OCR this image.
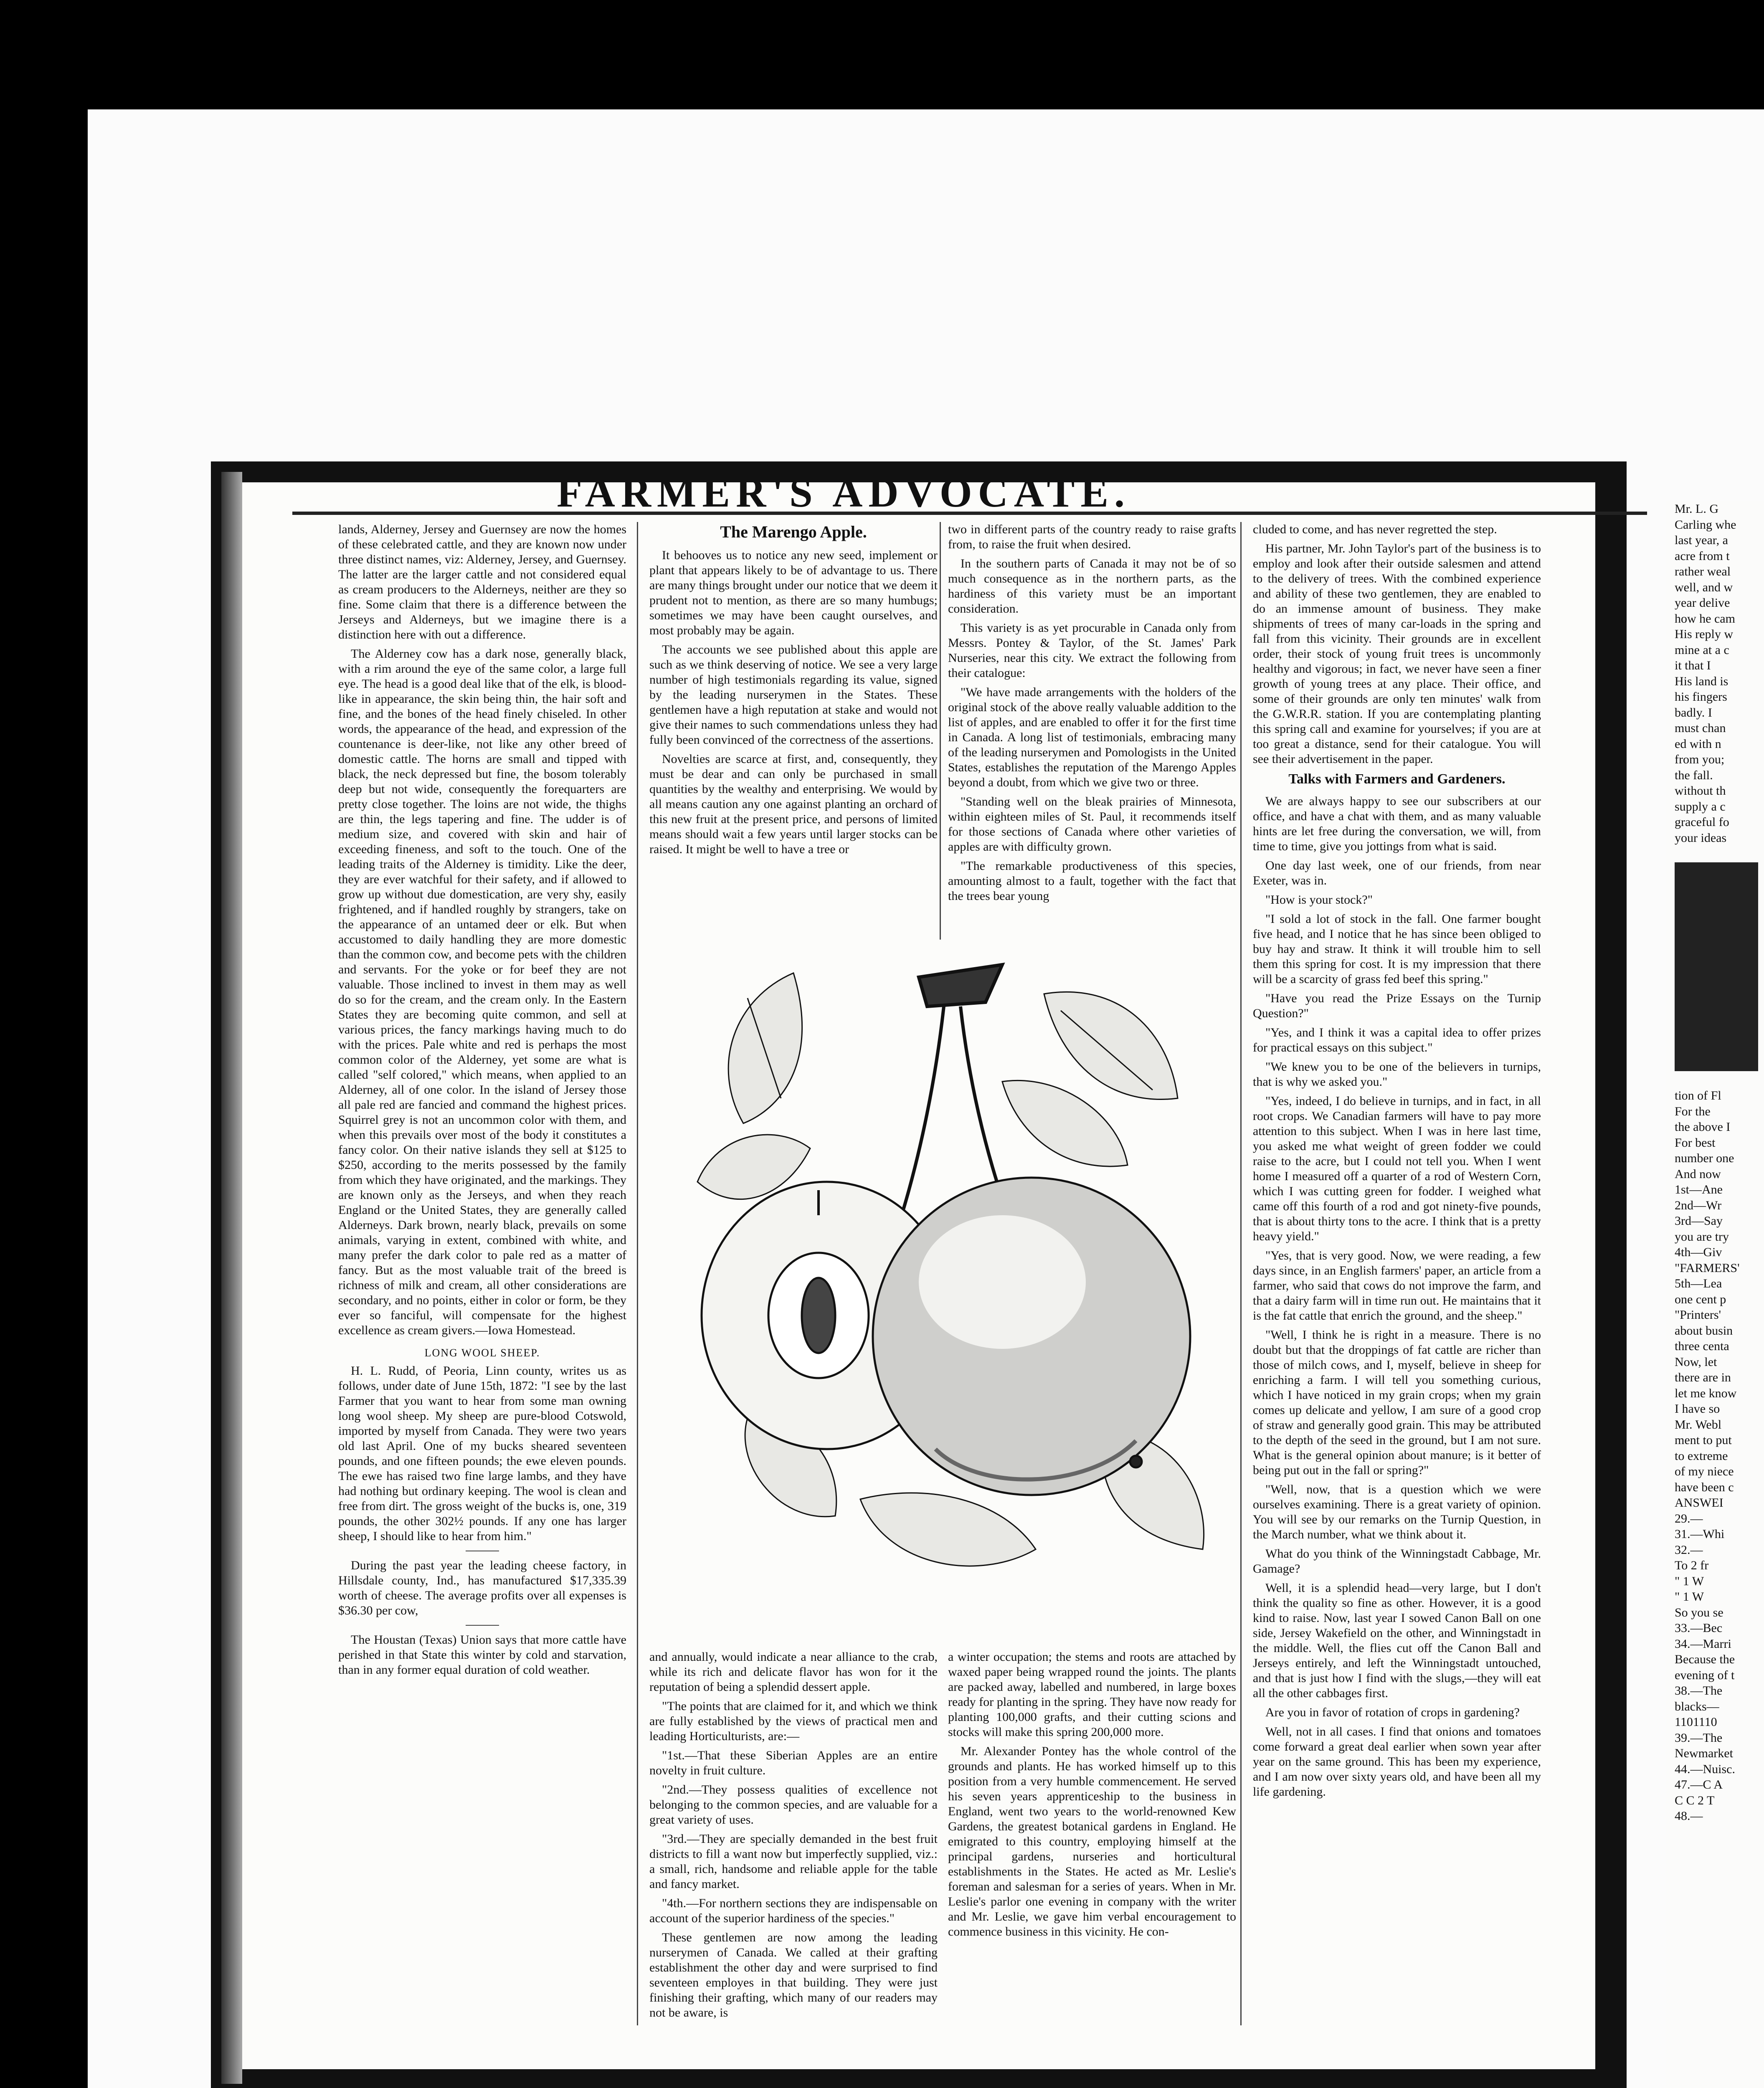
FARMER'S ADVOCATE.

lands, Alderney, Jersey and Guernsey are now the homes of these celebrated cattle, and they are known now under three distinct names, viz: Alderney, Jersey, and Guernsey. The latter are the larger cattle and not considered equal as cream producers to the Alderneys, neither are they so fine. Some claim that there is a difference between the Jerseys and Alderneys, but we imagine there is a distinction here with out a difference.

The Alderney cow has a dark nose, generally black, with a rim around the eye of the same color, a large full eye. The head is a good deal like that of the elk, is blood-like in appearance, the skin being thin, the hair soft and fine, and the bones of the head finely chiseled. In other words, the appearance of the head, and expression of the countenance is deer-like, not like any other breed of domestic cattle. The horns are small and tipped with black, the neck depressed but fine, the bosom tolerably deep but not wide, consequently the forequarters are pretty close together. The loins are not wide, the thighs are thin, the legs tapering and fine. The udder is of medium size, and covered with skin and hair of exceeding fineness, and soft to the touch. One of the leading traits of the Alderney is timidity. Like the deer, they are ever watchful for their safety, and if allowed to grow up without due domestication, are very shy, easily frightened, and if handled roughly by strangers, take on the appearance of an untamed deer or elk. But when accustomed to daily handling they are more domestic than the common cow, and become pets with the children and servants. For the yoke or for beef they are not valuable. Those inclined to invest in them may as well do so for the cream, and the cream only. In the Eastern States they are becoming quite common, and sell at various prices, the fancy markings having much to do with the prices. Pale white and red is perhaps the most common color of the Alderney, yet some are what is called "self colored," which means, when applied to an Alderney, all of one color. In the island of Jersey those all pale red are fancied and command the highest prices. Squirrel grey is not an uncommon color with them, and when this prevails over most of the body it constitutes a fancy color. On their native islands they sell at $125 to $250, according to the merits possessed by the family from which they have originated, and the markings. They are known only as the Jerseys, and when they reach England or the United States, they are generally called Alderneys. Dark brown, nearly black, prevails on some animals, varying in extent, combined with white, and many prefer the dark color to pale red as a matter of fancy. But as the most valuable trait of the breed is richness of milk and cream, all other considerations are secondary, and no points, either in color or form, be they ever so fanciful, will compensate for the highest excellence as cream givers.—Iowa Homestead.

LONG WOOL SHEEP.

H. L. Rudd, of Peoria, Linn county, writes us as follows, under date of June 15th, 1872: "I see by the last Farmer that you want to hear from some man owning long wool sheep. My sheep are pure-blood Cotswold, imported by myself from Canada. They were two years old last April. One of my bucks sheared seventeen pounds, and one fifteen pounds; the ewe eleven pounds. The ewe has raised two fine large lambs, and they have had nothing but ordinary keeping. The wool is clean and free from dirt. The gross weight of the bucks is, one, 319 pounds, the other 302½ pounds. If any one has larger sheep, I should like to hear from him."

During the past year the leading cheese factory, in Hillsdale county, Ind., has manufactured $17,335.39 worth of cheese. The average profits over all expenses is $36.30 per cow,

The Houstan (Texas) Union says that more cattle have perished in that State this winter by cold and starvation, than in any former equal duration of cold weather.

The Marengo Apple.

It behooves us to notice any new seed, implement or plant that appears likely to be of advantage to us. There are many things brought under our notice that we deem it prudent not to mention, as there are so many humbugs; sometimes we may have been caught ourselves, and most probably may be again.

The accounts we see published about this apple are such as we think deserving of notice. We see a very large number of high testimonials regarding its value, signed by the leading nurserymen in the States. These gentlemen have a high reputation at stake and would not give their names to such commendations unless they had fully been convinced of the correctness of the assertions.

Novelties are scarce at first, and, consequently, they must be dear and can only be purchased in small quantities by the wealthy and enterprising. We would by all means caution any one against planting an orchard of this new fruit at the present price, and persons of limited means should wait a few years until larger stocks can be raised. It might be well to have a tree or

two in different parts of the country ready to raise grafts from, to raise the fruit when desired.

In the southern parts of Canada it may not be of so much consequence as in the northern parts, as the hardiness of this variety must be an important consideration.

This variety is as yet procurable in Canada only from Messrs. Pontey & Taylor, of the St. James' Park Nurseries, near this city. We extract the following from their catalogue:

"We have made arrangements with the holders of the original stock of the above really valuable addition to the list of apples, and are enabled to offer it for the first time in Canada. A long list of testimonials, embracing many of the leading nurserymen and Pomologists in the United States, establishes the reputation of the Marengo Apples beyond a doubt, from which we give two or three.

"Standing well on the bleak prairies of Minnesota, within eighteen miles of St. Paul, it recommends itself for those sections of Canada where other varieties of apples are with difficulty grown.

"The remarkable productiveness of this species, amounting almost to a fault, together with the fact that the trees bear young

and annually, would indicate a near alliance to the crab, while its rich and delicate flavor has won for it the reputation of being a splendid dessert apple.

"The points that are claimed for it, and which we think are fully established by the views of practical men and leading Horticulturists, are:—

"1st.—That these Siberian Apples are an entire novelty in fruit culture.

"2nd.—They possess qualities of excellence not belonging to the common species, and are valuable for a great variety of uses.

"3rd.—They are specially demanded in the best fruit districts to fill a want now but imperfectly supplied, viz.: a small, rich, handsome and reliable apple for the table and fancy market.

"4th.—For northern sections they are indispensable on account of the superior hardiness of the species."

These gentlemen are now among the leading nurserymen of Canada. We called at their grafting establishment the other day and were surprised to find seventeen employes in that building. They were just finishing their grafting, which many of our readers may not be aware, is

a winter occupation; the stems and roots are attached by waxed paper being wrapped round the joints. The plants are packed away, labelled and numbered, in large boxes ready for planting in the spring. They have now ready for planting 100,000 grafts, and their cutting scions and stocks will make this spring 200,000 more.

Mr. Alexander Pontey has the whole control of the grounds and plants. He has worked himself up to this position from a very humble commencement. He served his seven years apprenticeship to the business in England, went two years to the world-renowned Kew Gardens, the greatest botanical gardens in England. He emigrated to this country, employing himself at the principal gardens, nurseries and horticultural establishments in the States. He acted as Mr. Leslie's foreman and salesman for a series of years. When in Mr. Leslie's parlor one evening in company with the writer and Mr. Leslie, we gave him verbal encouragement to commence business in this vicinity. He con-

cluded to come, and has never regretted the step.

His partner, Mr. John Taylor's part of the business is to employ and look after their outside salesmen and attend to the delivery of trees. With the combined experience and ability of these two gentlemen, they are enabled to do an immense amount of business. They make shipments of trees of many car-loads in the spring and fall from this vicinity. Their grounds are in excellent order, their stock of young fruit trees is uncommonly healthy and vigorous; in fact, we never have seen a finer growth of young trees at any place. Their office, and some of their grounds are only ten minutes' walk from the G.W.R.R. station. If you are contemplating planting this spring call and examine for yourselves; if you are at too great a distance, send for their catalogue. You will see their advertisement in the paper.

Talks with Farmers and Gardeners.

We are always happy to see our subscribers at our office, and have a chat with them, and as many valuable hints are let free during the conversation, we will, from time to time, give you jottings from what is said.

One day last week, one of our friends, from near Exeter, was in.

"How is your stock?"

"I sold a lot of stock in the fall. One farmer bought five head, and I notice that he has since been obliged to buy hay and straw. It think it will trouble him to sell them this spring for cost. It is my impression that there will be a scarcity of grass fed beef this spring."

"Have you read the Prize Essays on the Turnip Question?"

"Yes, and I think it was a capital idea to offer prizes for practical essays on this subject."

"We knew you to be one of the believers in turnips, that is why we asked you."

"Yes, indeed, I do believe in turnips, and in fact, in all root crops. We Canadian farmers will have to pay more attention to this subject. When I was in here last time, you asked me what weight of green fodder we could raise to the acre, but I could not tell you. When I went home I measured off a quarter of a rod of Western Corn, which I was cutting green for fodder. I weighed what came off this fourth of a rod and got ninety-five pounds, that is about thirty tons to the acre. I think that is a pretty heavy yield."

"Yes, that is very good. Now, we were reading, a few days since, in an English farmers' paper, an article from a farmer, who said that cows do not improve the farm, and that a dairy farm will in time run out. He maintains that it is the fat cattle that enrich the ground, and the sheep."

"Well, I think he is right in a measure. There is no doubt but that the droppings of fat cattle are richer than those of milch cows, and I, myself, believe in sheep for enriching a farm. I will tell you something curious, which I have noticed in my grain crops; when my grain comes up delicate and yellow, I am sure of a good crop of straw and generally good grain. This may be attributed to the depth of the seed in the ground, but I am not sure. What is the general opinion about manure; is it better of being put out in the fall or spring?"

"Well, now, that is a question which we were ourselves examining. There is a great variety of opinion. You will see by our remarks on the Turnip Question, in the March number, what we think about it.

What do you think of the Winningstadt Cabbage, Mr. Gamage?

Well, it is a splendid head—very large, but I don't think the quality so fine as other. However, it is a good kind to raise. Now, last year I sowed Canon Ball on one side, Jersey Wakefield on the other, and Winningstadt in the middle. Well, the flies cut off the Canon Ball and Jerseys entirely, and left the Winningstadt untouched, and that is just how I find with the slugs,—they will eat all the other cabbages first.

Are you in favor of rotation of crops in gardening?

Well, not in all cases. I find that onions and tomatoes come forward a great deal earlier when sown year after year on the same ground. This has been my experience, and I am now over sixty years old, and have been all my life gardening.

Mr. L. G

Carling whe

last year, a

acre from t

rather weal

well, and w

year delive

how he cam

His reply w

mine at a c

it that I

His land is

his fingers

badly. I

must chan

ed with n

from you;

the fall.

without th

supply a c

graceful fo

your ideas

tion of Fl

For the

the above I

For best

number one

And now

1st—Ane

2nd—Wr

3rd—Say

you are try

4th—Giv

"FARMERS'

5th—Lea

one cent p

"Printers'

about busin

three centa

Now, let

there are in

let me know

I have so

Mr. Webl

ment to put

to extreme

of my niece

have been c

ANSWEI

29.—

31.—Whi

32.—

To 2 fr

" 1 W

" 1 W

So you se

33.—Bec

34.—Marri

Because the

evening of t

38.—The

blacks—

1101110

39.—The

Newmarket

44.—Nuisc.

47.—C A

C C 2 T

48.—
